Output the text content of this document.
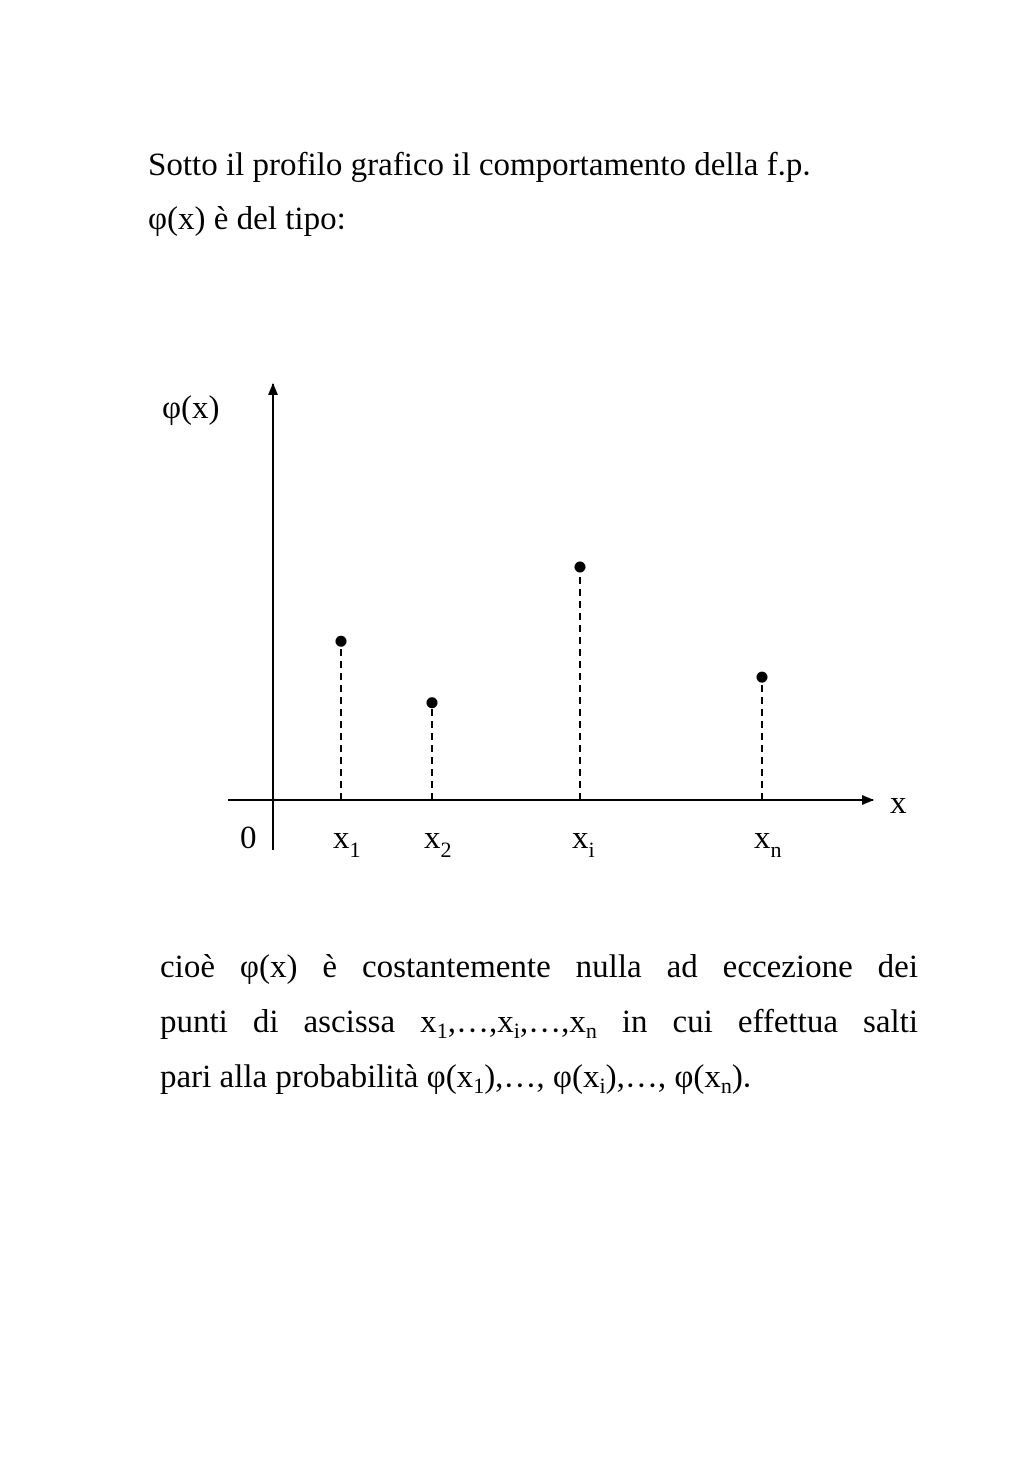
Sotto il profilo grafico il comportamento della f.p.
φ(x) è del tipo:
φ(x)
x
0 $x_1$ $x_2$	$x_i$	$x_n$
cioè φ(x) è costantemente nulla ad eccezione dei
punti di ascissa $x_1,\dots,x_i,\dots,x_n$ in cui effettua salti
pari alla probabilità $\varphi(x_1),\dots$, $\varphi(x_i),\dots$, $\varphi(x_n)$.
